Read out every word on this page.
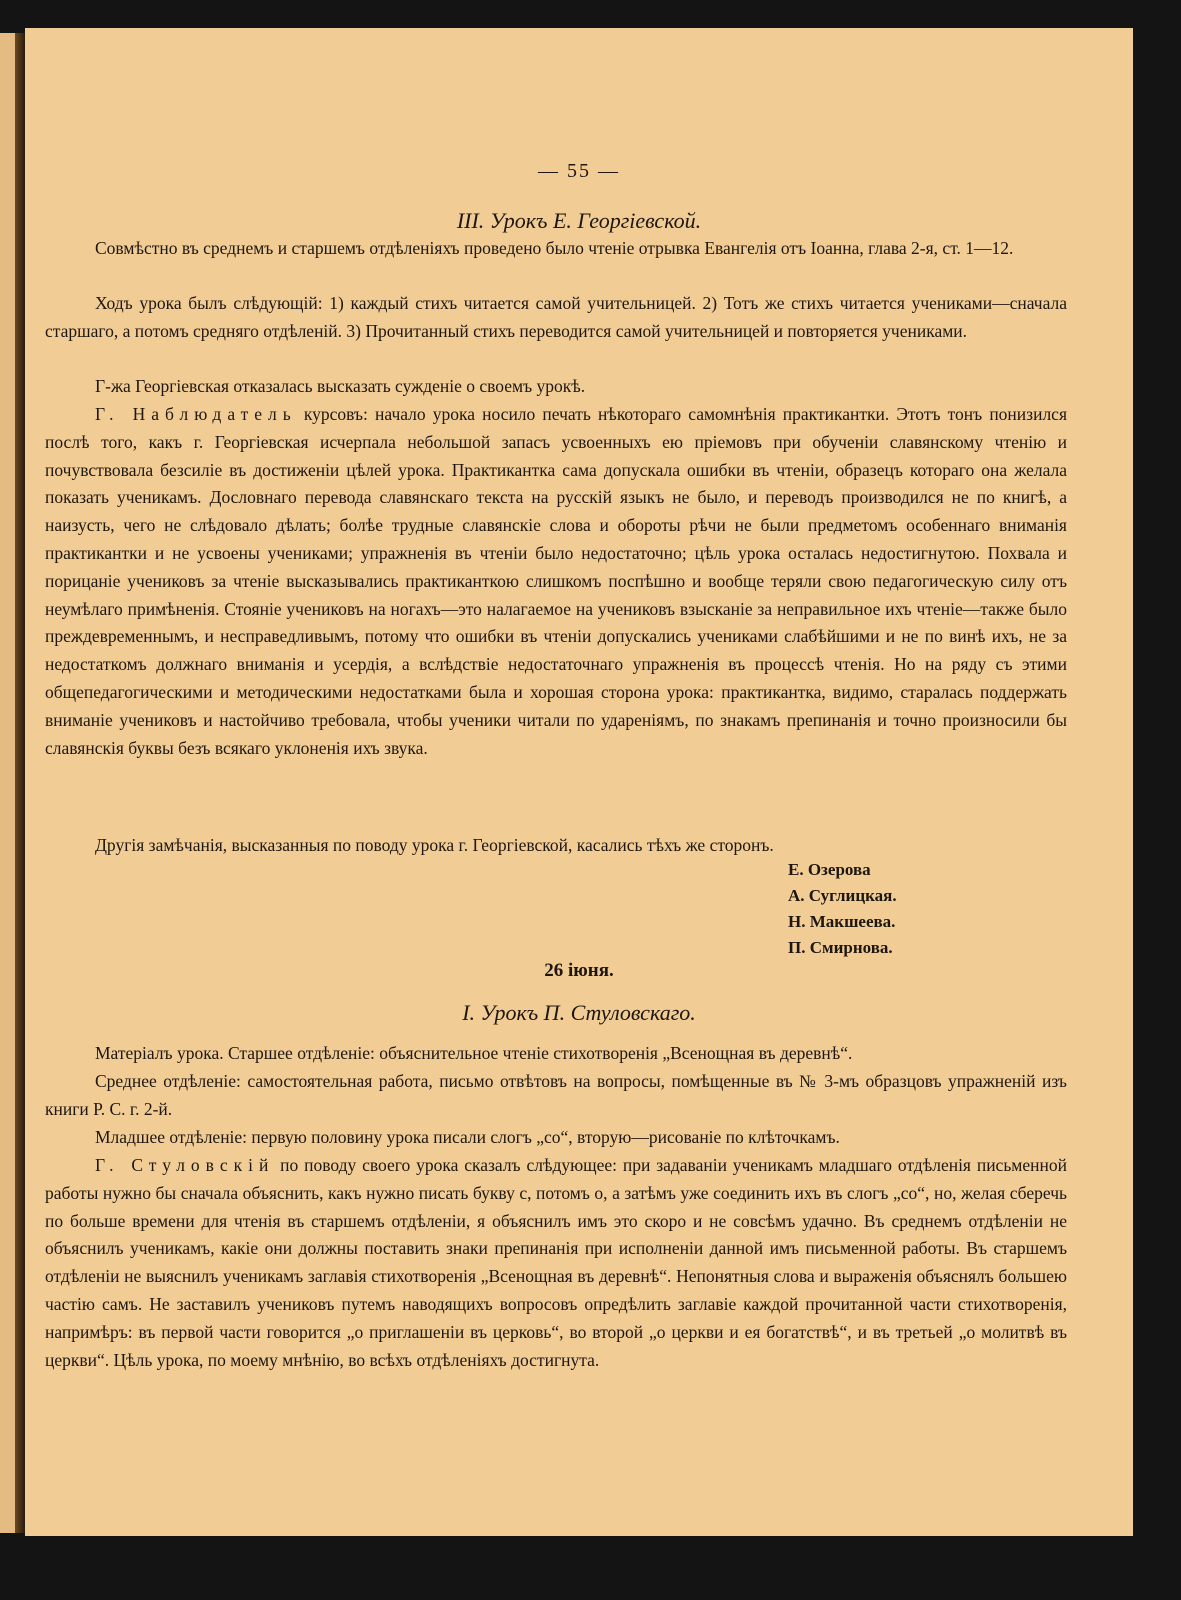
— 55 —
III. Урокъ Е. Георгіевской.

Совмѣстно въ среднемъ и старшемъ отдѣленіяхъ проведено было чтеніе отрывка Евангелія отъ Іоанна, глава 2-я, ст. 1—12.

Ходъ урока былъ слѣдующій: 1) каждый стихъ читается самой учительницей. 2) Тотъ же стихъ читается учениками—сначала старшаго, а потомъ средняго отдѣленій. 3) Прочитанный стихъ переводится самой учительницей и повторяется учениками.

Г-жа Георгіевская отказалась высказать сужденіе о своемъ урокѣ.

Г. Наблюдатель курсовъ: начало урока носило печать нѣкотораго самомнѣнія практикантки. Этотъ тонъ понизился послѣ того, какъ г. Георгіевская исчерпала небольшой запасъ усвоенныхъ ею пріемовъ при обученіи славянскому чтенію и почувствовала безсиліе въ достиженіи цѣлей урока. Практикантка сама допускала ошибки въ чтеніи, образецъ котораго она желала показать ученикамъ. Дословнаго перевода славянскаго текста на русскій языкъ не было, и переводъ производился не по книгѣ, а наизусть, чего не слѣдовало дѣлать; болѣе трудные славянскіе слова и обороты рѣчи не были предметомъ особеннаго вниманія практикантки и не усвоены учениками; упражненія въ чтеніи было недостаточно; цѣль урока осталась недостигнутою. Похвала и порицаніе учениковъ за чтеніе высказывались практиканткою слишкомъ поспѣшно и вообще теряли свою педагогическую силу отъ неумѣлаго примѣненія. Стояніе учениковъ на ногахъ—это налагаемое на учениковъ взысканіе за неправильное ихъ чтеніе—также было преждевременнымъ, и несправедливымъ, потому что ошибки въ чтеніи допускались учениками слабѣйшими и не по винѣ ихъ, не за недостаткомъ должнаго вниманія и усердія, а вслѣдствіе недостаточнаго упражненія въ процессѣ чтенія. Но на ряду съ этими общепедагогическими и методическими недостатками была и хорошая сторона урока: практикантка, видимо, старалась поддержать вниманіе учениковъ и настойчиво требовала, чтобы ученики читали по удареніямъ, по знакамъ препинанія и точно произносили бы славянскія буквы безъ всякаго уклоненія ихъ звука.

Другія замѣчанія, высказанныя по поводу урока г. Георгіевской, касались тѣхъ же сторонъ.

Е. Озерова
А. Суглицкая.
Н. Макшеева.
П. Смирнова.
26 іюня.
I. Урокъ П. Стуловскаго.

Матеріалъ урока. Старшее отдѣленіе: объяснительное чтеніе стихотворенія „Всенощная въ деревнѣ“.

Среднее отдѣленіе: самостоятельная работа, письмо отвѣтовъ на вопросы, помѣщенные въ № 3-мъ образцовъ упражненій изъ книги Р. С. г. 2-й.

Младшее отдѣленіе: первую половину урока писали слогъ „со“, вторую—рисованіе по клѣточкамъ.

Г. Стуловскій по поводу своего урока сказалъ слѣдующее: при задаваніи ученикамъ младшаго отдѣленія письменной работы нужно бы сначала объяснить, какъ нужно писать букву с, потомъ о, а затѣмъ уже соединить ихъ въ слогъ „со“, но, желая сберечь по больше времени для чтенія въ старшемъ отдѣленіи, я объяснилъ имъ это скоро и не совсѣмъ удачно. Въ среднемъ отдѣленіи не объяснилъ ученикамъ, какіе они должны поставить знаки препинанія при исполненіи данной имъ письменной работы. Въ старшемъ отдѣленіи не выяснилъ ученикамъ заглавія стихотворенія „Всенощная въ деревнѣ“. Непонятныя слова и выраженія объяснялъ большею частію самъ. Не заставилъ учениковъ путемъ наводящихъ вопросовъ опредѣлить заглавіе каждой прочитанной части стихотворенія, напримѣръ: въ первой части говорится „о приглашеніи въ церковь“, во второй „о церкви и ея богатствѣ“, и въ третьей „о молитвѣ въ церкви“. Цѣль урока, по моему мнѣнію, во всѣхъ отдѣленіяхъ достигнута.
